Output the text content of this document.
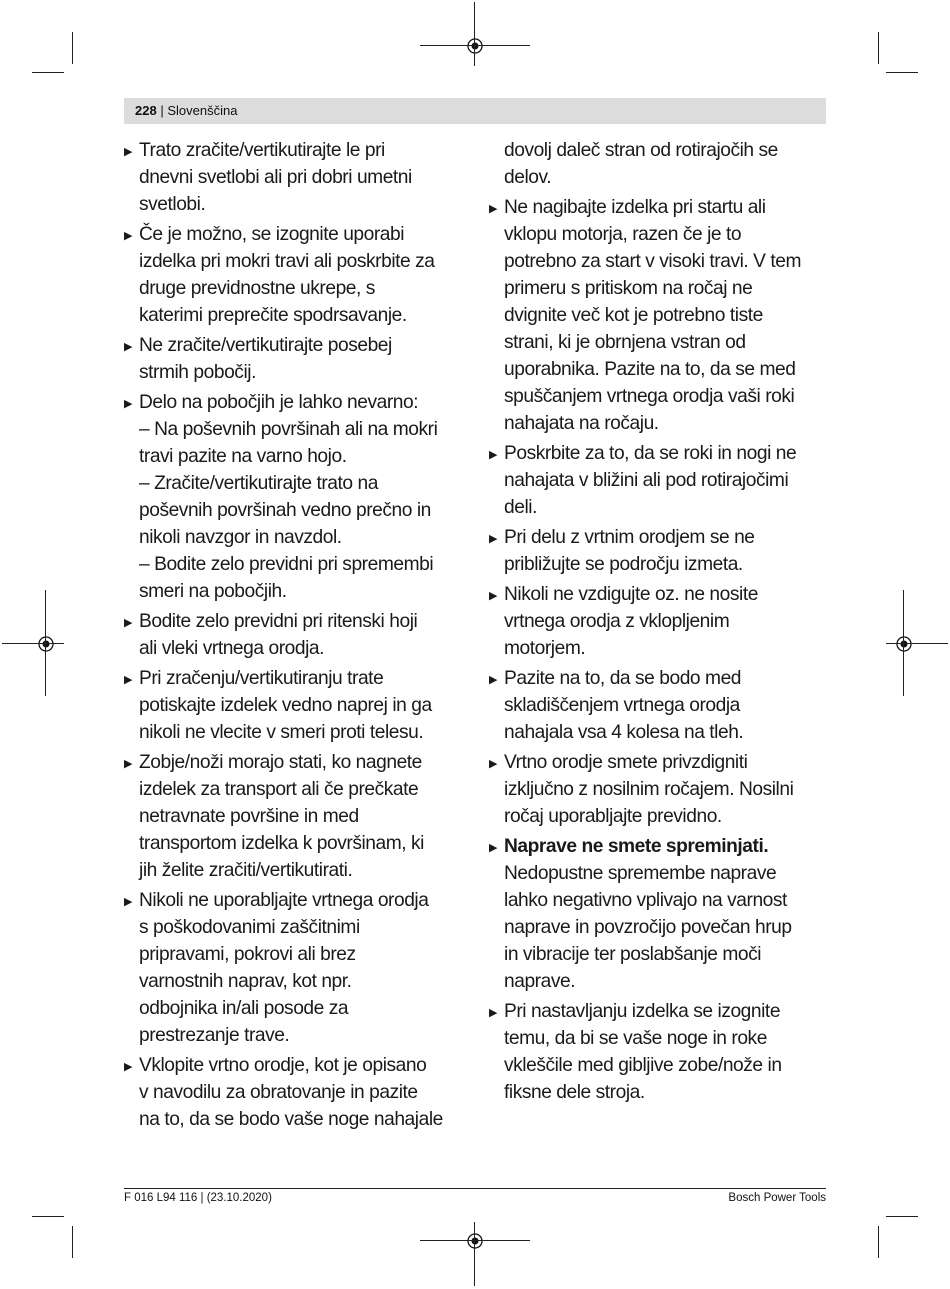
228 | Slovenščina
▶ Trato zračite/vertikutirajte le pri
dnevni svetlobi ali pri dobri umetni
svetlobi.
▶ Če je možno, se izognite uporabi
izdelka pri mokri travi ali poskrbite za
druge previdnostne ukrepe, s
katerimi preprečite spodrsavanje.
▶ Ne zračite/vertikutirajte posebej
strmih pobočij.
▶ Delo na pobočjih je lahko nevarno:
– Na poševnih površinah ali na mokri
travi pazite na varno hojo.
– Zračite/vertikutirajte trato na
poševnih površinah vedno prečno in
nikoli navzgor in navzdol.
– Bodite zelo previdni pri spremembi
smeri na pobočjih.
▶ Bodite zelo previdni pri ritenski hoji
ali vleki vrtnega orodja.
▶ Pri zračenju/vertikutiranju trate
potiskajte izdelek vedno naprej in ga
nikoli ne vlecite v smeri proti telesu.
▶ Zobje/noži morajo stati, ko nagnete
izdelek za transport ali če prečkate
netravnate površine in med
transportom izdelka k površinam, ki
jih želite zračiti/vertikutirati.
▶ Nikoli ne uporabljajte vrtnega orodja
s poškodovanimi zaščitnimi
pripravami, pokrovi ali brez
varnostnih naprav, kot npr.
odbojnika in/ali posode za
prestrezanje trave.
▶ Vklopite vrtno orodje, kot je opisano
v navodilu za obratovanje in pazite
na to, da se bodo vaše noge nahajale
dovolj daleč stran od rotirajočih se
delov.
▶ Ne nagibajte izdelka pri startu ali
vklopu motorja, razen če je to
potrebno za start v visoki travi. V tem
primeru s pritiskom na ročaj ne
dvignite več kot je potrebno tiste
strani, ki je obrnjena vstran od
uporabnika. Pazite na to, da se med
spuščanjem vrtnega orodja vaši roki
nahajata na ročaju.
▶ Poskrbite za to, da se roki in nogi ne
nahajata v bližini ali pod rotirajočimi
deli.
▶ Pri delu z vrtnim orodjem se ne
približujte se področju izmeta.
▶ Nikoli ne vzdigujte oz. ne nosite
vrtnega orodja z vklopljenim
motorjem.
▶ Pazite na to, da se bodo med
skladiščenjem vrtnega orodja
nahajala vsa 4 kolesa na tleh.
▶ Vrtno orodje smete privzdigniti
izključno z nosilnim ročajem. Nosilni
ročaj uporabljajte previdno.
▶ Naprave ne smete spreminjati.
Nedopustne spremembe naprave
lahko negativno vplivajo na varnost
naprave in povzročijo povečan hrup
in vibracije ter poslabšanje moči
naprave.
▶ Pri nastavljanju izdelka se izognite
temu, da bi se vaše noge in roke
vkleščile med gibljive zobe/nože in
fiksne dele stroja.
F 016 L94 116 | (23.10.2020)	Bosch Power Tools
